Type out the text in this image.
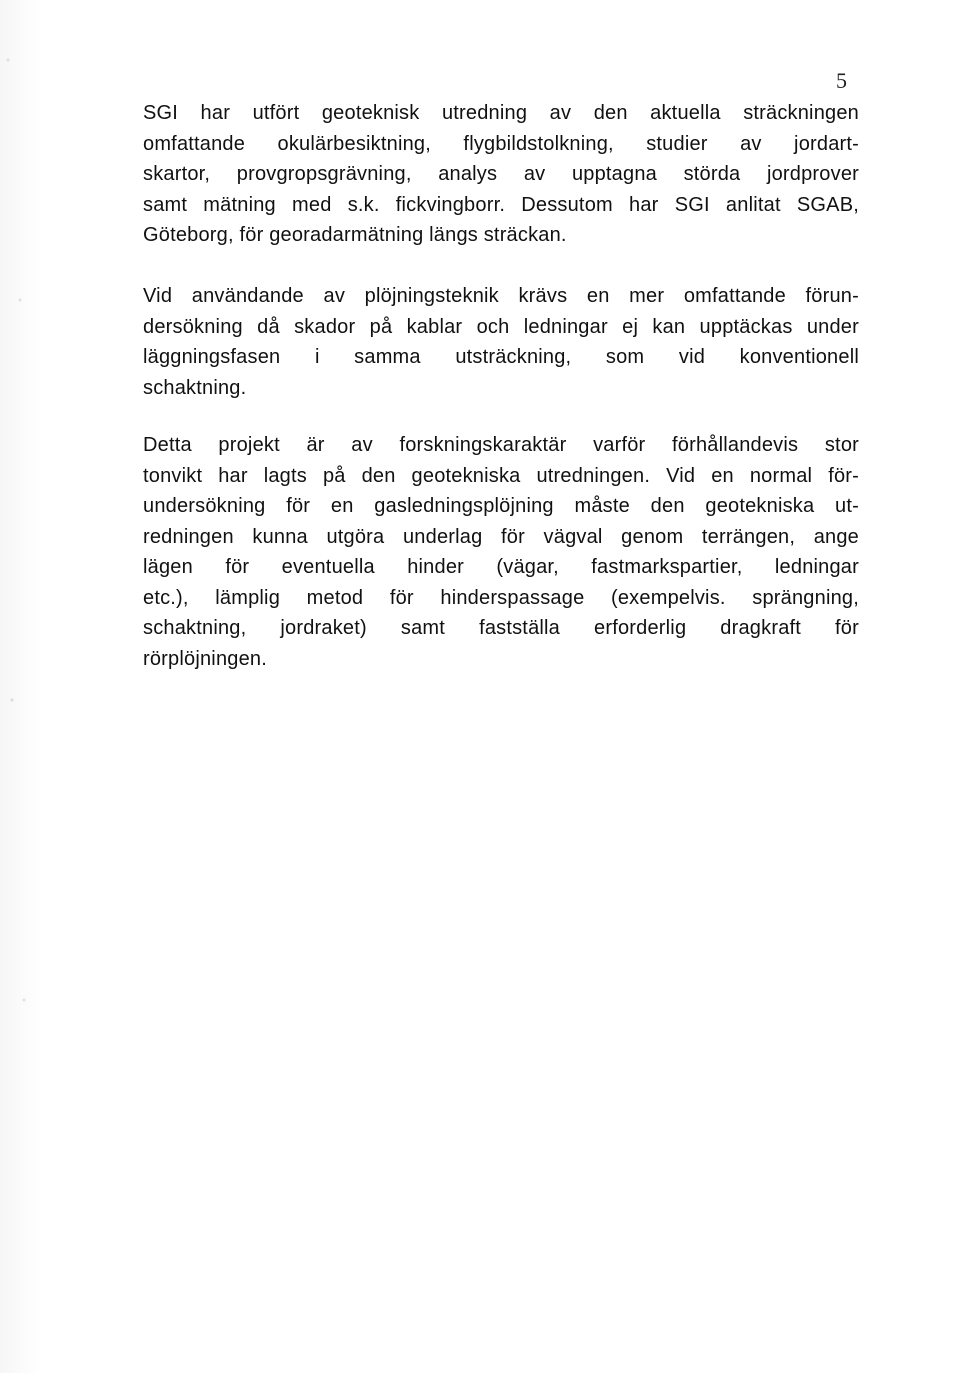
5
SGI har utfört geoteknisk utredning av den aktuella sträckningen
omfattande okulärbesiktning, flygbildstolkning, studier av jordart-
skartor, provgropsgrävning, analys av upptagna störda jordprover
samt mätning med s.k. fickvingborr. Dessutom har SGI anlitat SGAB,
Göteborg, för georadarmätning längs sträckan.
Vid användande av plöjningsteknik krävs en mer omfattande förun-
dersökning då skador på kablar och ledningar ej kan upptäckas under
läggningsfasen i samma utsträckning, som vid konventionell
schaktning.
Detta projekt är av forskningskaraktär varför förhållandevis stor
tonvikt har lagts på den geotekniska utredningen. Vid en normal för-
undersökning för en gasledningsplöjning måste den geotekniska ut-
redningen kunna utgöra underlag för vägval genom terrängen, ange
lägen för eventuella hinder (vägar, fastmarkspartier, ledningar
etc.), lämplig metod för hinderspassage (exempelvis. sprängning,
schaktning, jordraket) samt fastställa erforderlig dragkraft för
rörplöjningen.
